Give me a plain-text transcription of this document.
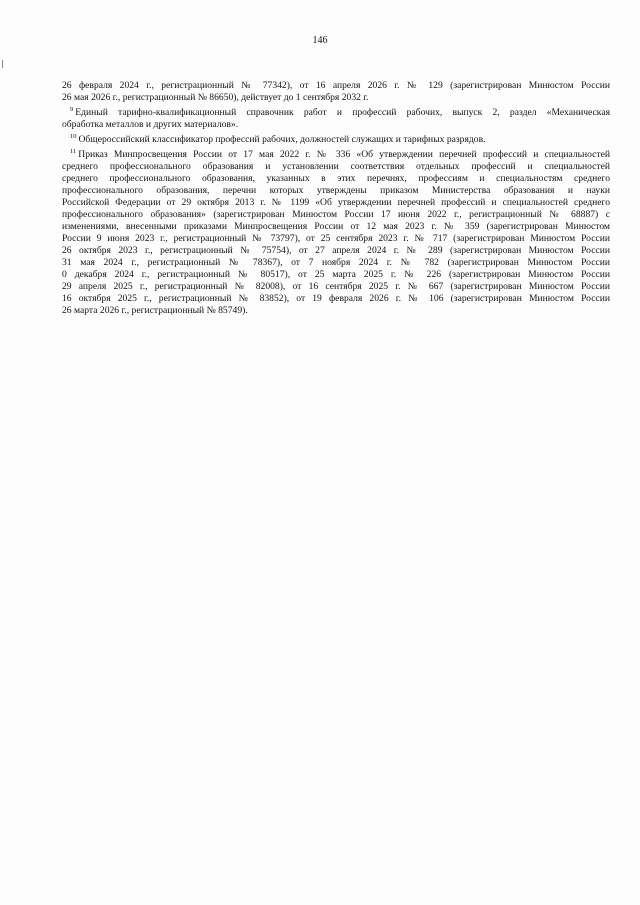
146

26 февраля 2024 г., регистрационный № 77342), от 16 апреля 2026 г. № 129 (зарегистрирован Минюстом России
26 мая 2026 г., регистрационный № 86650), действует до 1 сентября 2032 г.

$^9$ Единый тарифно-квалификационный справочник работ и профессий рабочих, выпуск 2, раздел «Механическая
обработка металлов и других материалов».

$^{10}$ Общероссийский классификатор профессий рабочих, должностей служащих и тарифных разрядов.

$^{11}$ Приказ Минпросвещения России от 17 мая 2022 г. № 336 «Об утверждении перечней профессий и специальностей
среднего профессионального образования и установлении соответствия отдельных профессий и специальностей
среднего профессионального образования, указанных в этих перечнях, профессиям и специальностям среднего
профессионального образования, перечни которых утверждены приказом Министерства образования и науки
Российской Федерации от 29 октября 2013 г. № 1199 «Об утверждении перечней профессий и специальностей среднего
профессионального образования» (зарегистрирован Минюстом России 17 июня 2022 г., регистрационный № 68887) с
изменениями, внесенными приказами Минпросвещения России от 12 мая 2023 г. № 359 (зарегистрирован Минюстом
России 9 июня 2023 г., регистрационный № 73797), от 25 сентября 2023 г. № 717 (зарегистрирован Минюстом России
26 октября 2023 г., регистрационный № 75754), от 27 апреля 2024 г. № 289 (зарегистрирован Минюстом России
31 мая 2024 г., регистрационный № 78367), от 7 ноября 2024 г. № 782 (зарегистрирован Минюстом России
0 декабря 2024 г., регистрационный № 80517), от 25 марта 2025 г. № 226 (зарегистрирован Минюстом России
29 апреля 2025 г., регистрационный № 82008), от 16 сентября 2025 г. № 667 (зарегистрирован Минюстом России
16 октября 2025 г., регистрационный № 83852), от 19 февраля 2026 г. № 106 (зарегистрирован Минюстом России
26 марта 2026 г., регистрационный № 85749).
